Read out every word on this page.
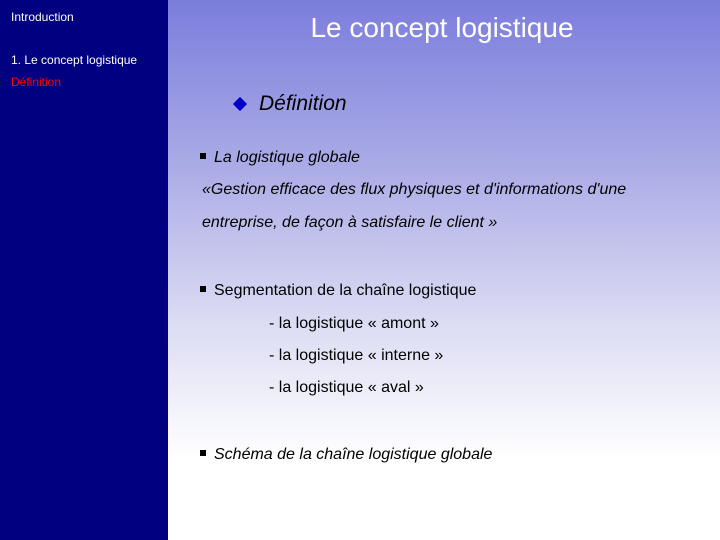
Introduction
1. Le concept logistique
Définition
Le concept logistique
Définition
La logistique globale
«Gestion efficace des flux physiques et d'informations d'une
entreprise, de façon à satisfaire le client »
Segmentation de la chaîne logistique
- la logistique « amont »
- la logistique « interne »
- la logistique « aval »
Schéma de la chaîne logistique globale
